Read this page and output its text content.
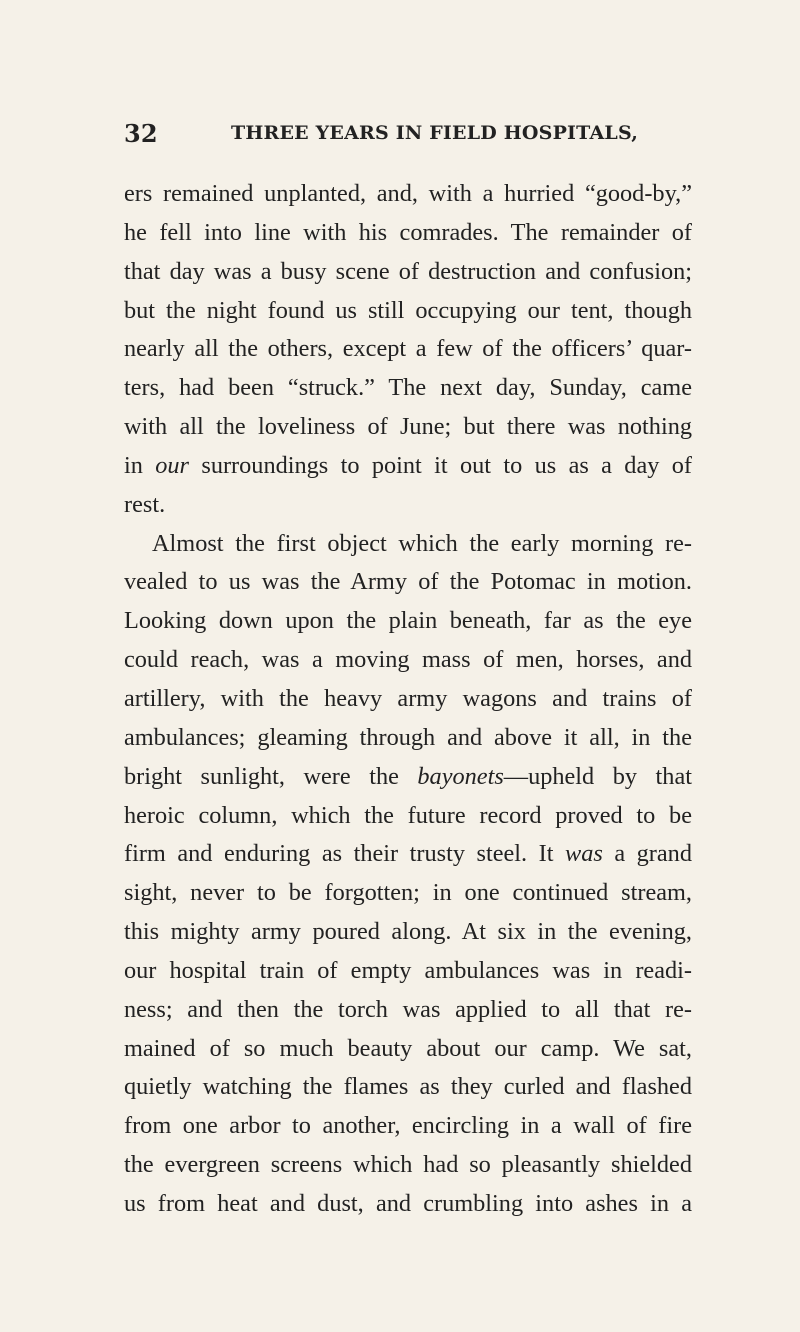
32	THREE YEARS IN FIELD HOSPITALS,
ers remained unplanted, and, with a hurried “good-by,”
he fell into line with his comrades. The remainder of
that day was a busy scene of destruction and confusion;
but the night found us still occupying our tent, though
nearly all the others, except a few of the officers’ quar-
ters, had been “struck.” The next day, Sunday, came
with all the loveliness of June; but there was nothing
in our surroundings to point it out to us as a day of
rest.
Almost the first object which the early morning re-
vealed to us was the Army of the Potomac in motion.
Looking down upon the plain beneath, far as the eye
could reach, was a moving mass of men, horses, and
artillery, with the heavy army wagons and trains of
ambulances; gleaming through and above it all, in the
bright sunlight, were the bayonets—upheld by that
heroic column, which the future record proved to be
firm and enduring as their trusty steel. It was a grand
sight, never to be forgotten; in one continued stream,
this mighty army poured along. At six in the evening,
our hospital train of empty ambulances was in readi-
ness; and then the torch was applied to all that re-
mained of so much beauty about our camp. We sat,
quietly watching the flames as they curled and flashed
from one arbor to another, encircling in a wall of fire
the evergreen screens which had so pleasantly shielded
us from heat and dust, and crumbling into ashes in a
